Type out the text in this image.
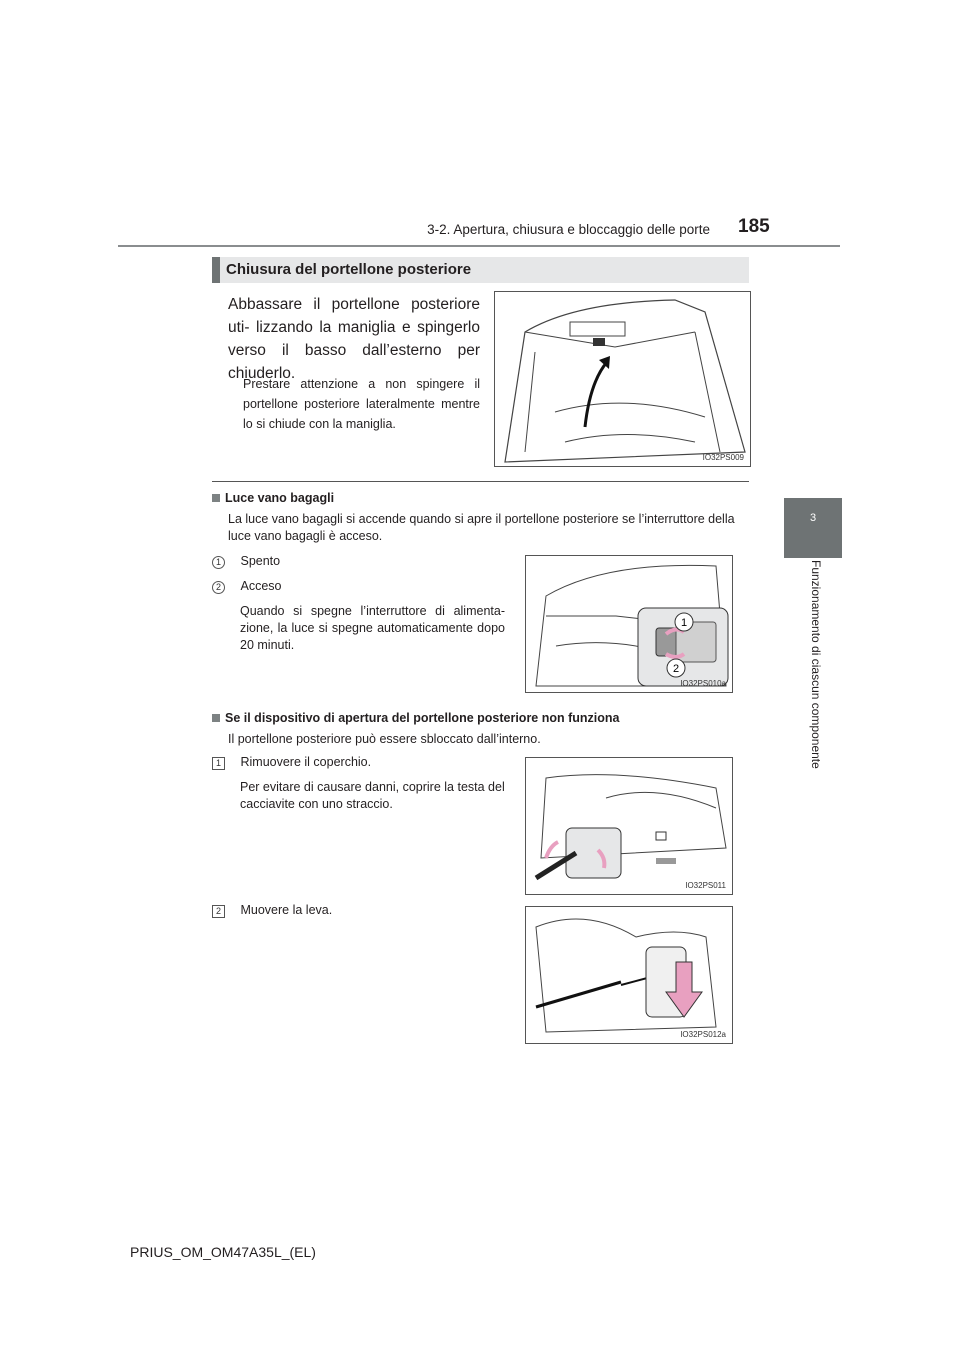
3-2. Apertura, chiusura e bloccaggio delle porte 185
3
Funzionamento di ciascun componente
Chiusura del portellone posteriore
Abbassare il portellone posteriore uti- lizzando la maniglia e spingerlo verso il basso dall’esterno per chiuderlo.
Prestare attenzione a non spingere il portellone posteriore lateralmente mentre lo si chiude con la maniglia.
IO32PS009
Luce vano bagagli
La luce vano bagagli si accende quando si apre il portellone posteriore se l’interruttore della luce vano bagagli è acceso.
1 Spento
2 Acceso
Quando si spegne l’interruttore di alimenta- zione, la luce si spegne automaticamente dopo 20 minuti.
1
2
IO32PS010a
Se il dispositivo di apertura del portellone posteriore non funziona
Il portellone posteriore può essere sbloccato dall’interno.
1 Rimuovere il coperchio.
Per evitare di causare danni, coprire la testa del cacciavite con uno straccio.
IO32PS011
2 Muovere la leva.
IO32PS012a
PRIUS_OM_OM47A35L_(EL)
